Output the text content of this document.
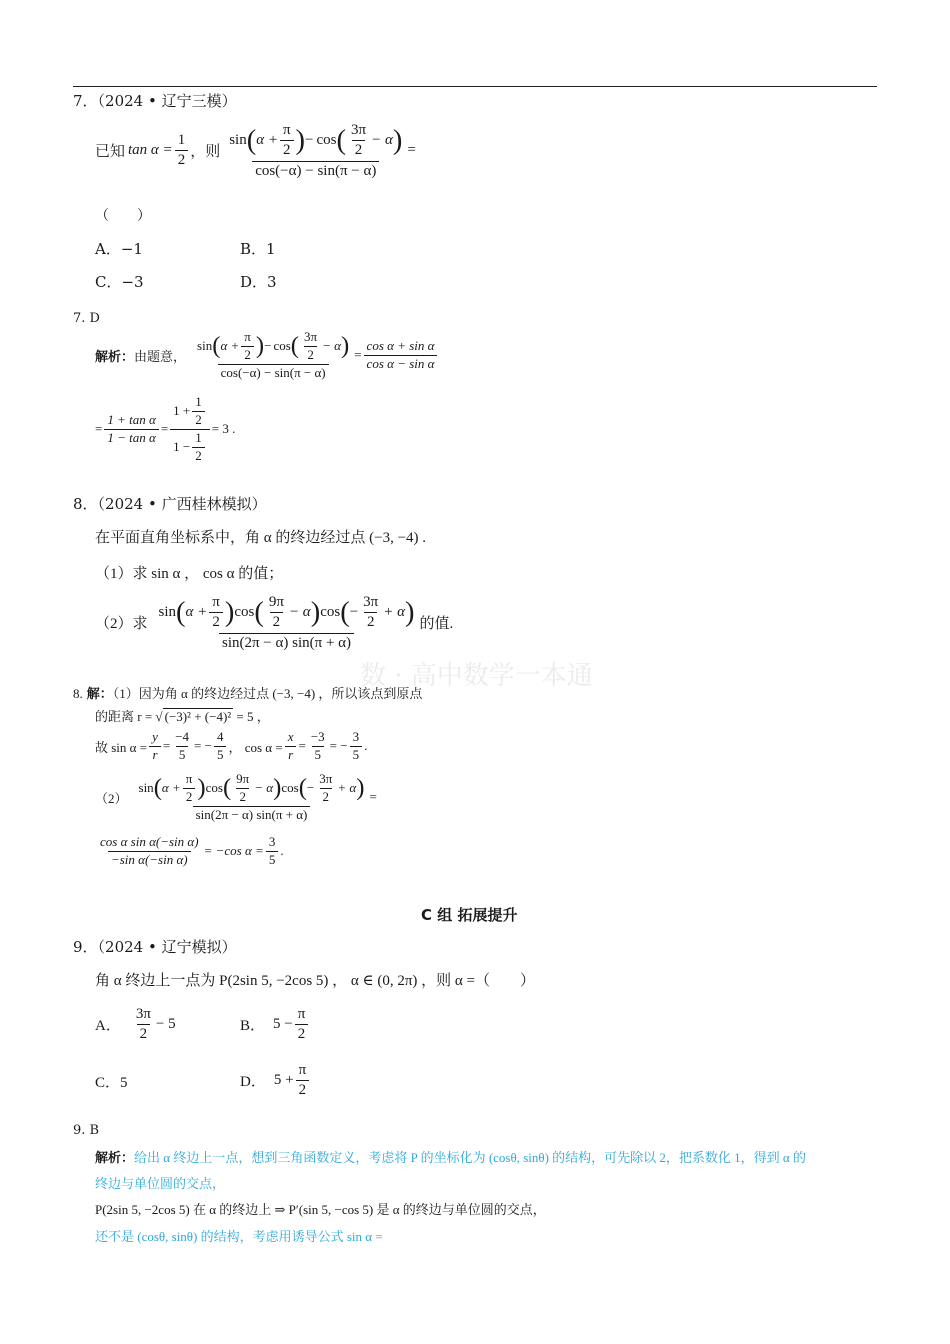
数 · 高中数学一本通
7．（2024 • 辽宁三模）
已知 $\tan \alpha = \frac{1}{2}$ ，则 $\frac{\sin ( \alpha + \frac{\pi}{2} ) - \cos ( \frac{3\pi}{2} - \alpha )}{\cos(-\alpha) - \sin(\pi - \alpha)}$ =
（　　）
A．−1	B．1
C．−3	D．3
7. D
解析： 由题意， $\frac{\sin ( \alpha + \frac{\pi}{2} ) - \cos ( \frac{3\pi}{2} - \alpha )}{\cos(-\alpha) - \sin(\pi - \alpha)} = \frac{\text{cos α + sin α}}{\text{cos α − sin α}}$
= $\frac{\text{1 + tan α}}{\text{1 − tan α}} = \frac{1 + \frac{1}{2}}{1 - \frac{1}{2}} = 3$ .
8．（2024 • 广西桂林模拟）
在平面直角坐标系中，角 α 的终边经过点 (−3, −4) .
（1）求 sin α ， cos α 的值；
（2）求
sin ( $\alpha + \frac{\pi}{2}$ ) cos ( $\frac{9\pi}{2} - \alpha$ ) cos ( − $\frac{3\pi}{2} + \alpha$ )
sin(2π − α) sin(π + α)
的值.
8. 解：（1）因为角 α 的终边经过点 (−3, −4) ，所以该点到原点
的距离 r = √ (−3)² + (−4)² = 5 ，
故 $\sin \alpha = \frac{y}{r} = \frac{-4}{5}$ = − $\frac{4}{5}$ ， $\cos \alpha = \frac{x}{r} = \frac{-3}{5}$ = − $\frac{3}{5}$ .
（2）
sin ( $\alpha + \frac{\pi}{2}$ ) cos ( $\frac{9\pi}{2} - \alpha$ ) cos ( − $\frac{3\pi}{2} + \alpha$ )
sin(2π − α) sin(π + α)
=
$\frac{\text{cos α sin α(−sin α)}}{\text{−sin α(−sin α)}} = -\cos$ $\alpha = \frac{3}{5}$ .
C 组 拓展提升
9．（2024 • 辽宁模拟）
角 α 终边上一点为 P(2sin 5, −2cos 5) ， α ∈ (0, 2π) ，则 α =（　　）
A． $\frac{3\pi}{2} - 5$	B． $5 - \frac{\pi}{2}$
C．5	D． $5 + \frac{\pi}{2}$
9. B
解析：给出 α 终边上一点，想到三角函数定义，考虑将 P 的坐标化为 (cosθ, sinθ) 的结构，可先除以 2，把系数化 1，得到 α 的
终边与单位圆的交点，
P(2sin 5, −2cos 5) 在 α 的终边上 ⇒ P′(sin 5, −cos 5) 是 α 的终边与单位圆的交点，
还不是 (cosθ, sinθ) 的结构，考虑用诱导公式 sin α =
